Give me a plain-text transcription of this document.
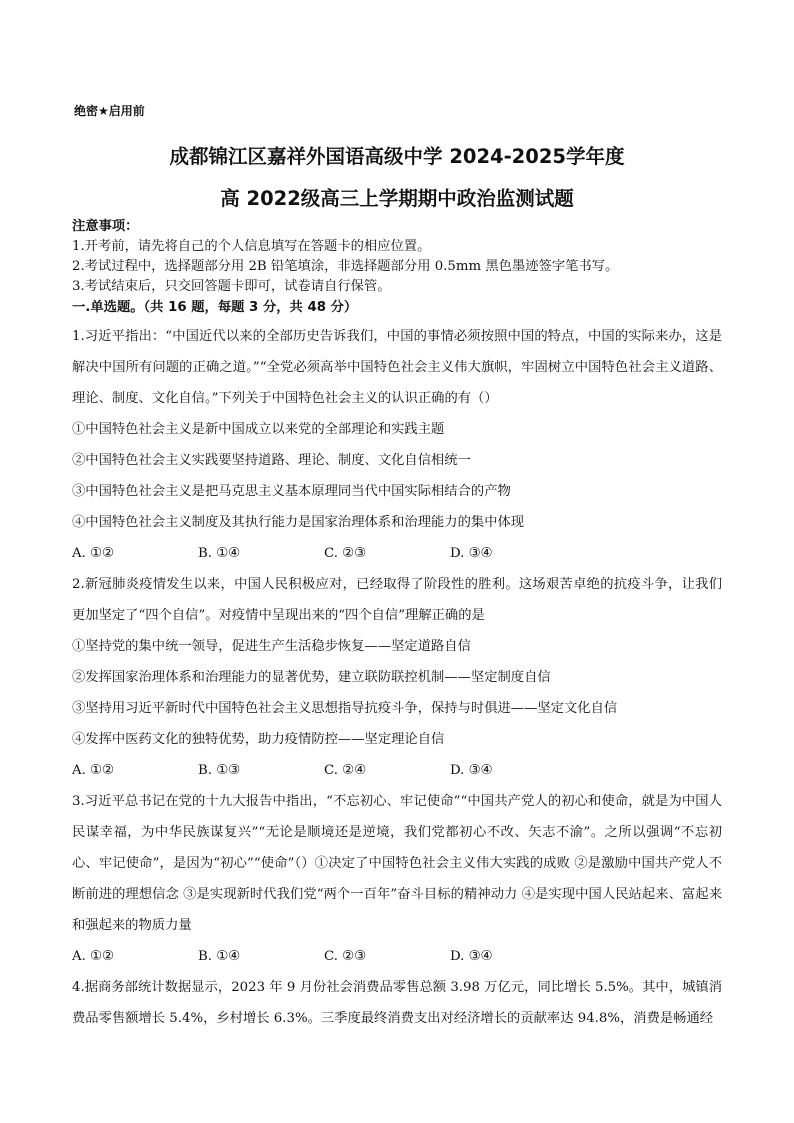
绝密★启用前
成都锦江区嘉祥外国语高级中学 2024-2025学年度
高 2022级高三上学期期中政治监测试题
注意事项：
1.开考前，请先将自己的个人信息填写在答题卡的相应位置。
2.考试过程中，选择题部分用 2B 铅笔填涂，非选择题部分用 0.5mm 黑色墨迹签字笔书写。
3.考试结束后，只交回答题卡即可，试卷请自行保管。
一.单选题。（共 16 题，每题 3 分，共 48 分）

1.习近平指出：“中国近代以来的全部历史告诉我们，中国的事情必须按照中国的特点，中国的实际来办，这是解决中国所有问题的正确之道。”“全党必须高举中国特色社会主义伟大旗帜，牢固树立中国特色社会主义道路、理论、制度、文化自信。”下列关于中国特色社会主义的认识正确的有（）

①中国特色社会主义是新中国成立以来党的全部理论和实践主题
②中国特色社会主义实践要坚持道路、理论、制度、文化自信相统一
③中国特色社会主义是把马克思主义基本原理同当代中国实际相结合的产物
④中国特色社会主义制度及其执行能力是国家治理体系和治理能力的集中体现
A. ①②	B. ①④	C. ②③	D. ③④

2.新冠肺炎疫情发生以来，中国人民积极应对，已经取得了阶段性的胜利。这场艰苦卓绝的抗疫斗争，让我们更加坚定了“四个自信”。对疫情中呈现出来的“四个自信”理解正确的是

①坚持党的集中统一领导，促进生产生活稳步恢复——坚定道路自信
②发挥国家治理体系和治理能力的显著优势，建立联防联控机制——坚定制度自信
③坚持用习近平新时代中国特色社会主义思想指导抗疫斗争，保持与时俱进——坚定文化自信
④发挥中医药文化的独特优势，助力疫情防控——坚定理论自信
A. ①②	B. ①③	C. ②④	D. ③④

3.习近平总书记在党的十九大报告中指出，“不忘初心、牢记使命”“中国共产党人的初心和使命，就是为中国人民谋幸福，为中华民族谋复兴”“无论是顺境还是逆境，我们党都初心不改、矢志不渝”。之所以强调“不忘初心、牢记使命”，是因为“初心”“使命”（）①决定了中国特色社会主义伟大实践的成败 ②是激励中国共产党人不断前进的理想信念 ③是实现新时代我们党“两个一百年”奋斗目标的精神动力 ④是实现中国人民站起来、富起来和强起来的物质力量

A. ①②	B. ①④	C. ②③	D. ③④

4.据商务部统计数据显示，2023 年 9 月份社会消费品零售总额 3.98 万亿元，同比增长 5.5%。其中，城镇消费品零售额增长 5.4%，乡村增长 6.3%。三季度最终消费支出对经济增长的贡献率达 94.8%，消费是畅通经
